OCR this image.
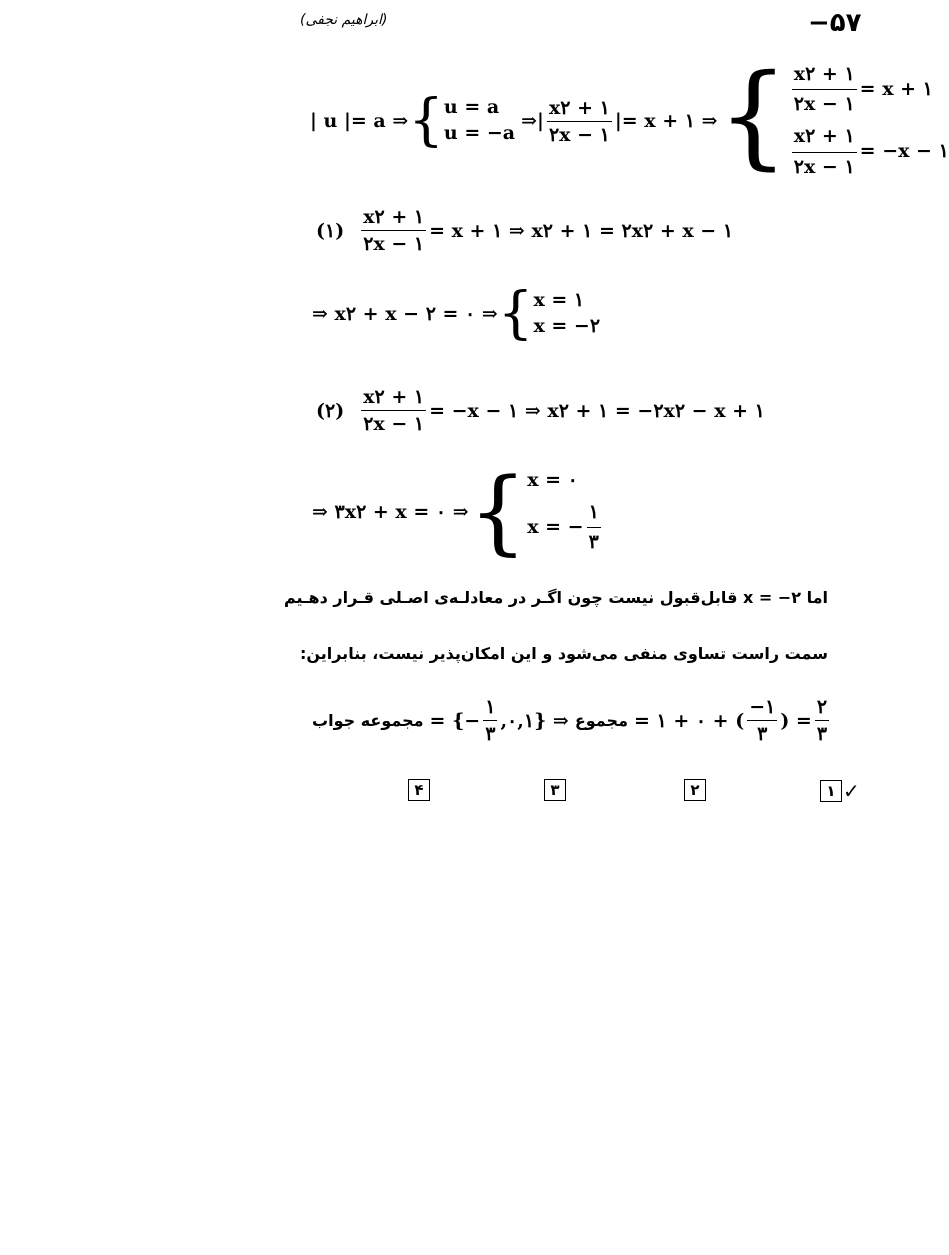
−۵۷
(ابراهیم نجفی)
| u |= a ⇒ { u = a
u = −a
⇒| $\frac{x۲ + ۱}{۲x - ۱}$ |= x + ۱ ⇒ { $\frac{x۲ + ۱}{۲x - ۱} = x$ + ۱
$\frac{x۲ + ۱}{۲x - ۱} = -x$ − ۱
(۱) $\frac{x۲ + ۱}{۲x - ۱} = x$ + ۱ ⇒ x۲ + ۱ = ۲x۲ + x − ۱
⇒ x۲ + x − ۲ = ۰ ⇒ { x = ۱
x = −۲
(۲) $\frac{x۲ + ۱}{۲x - ۱} = -x$ − ۱ ⇒ x۲ + ۱ = −۲x۲ − x + ۱
⇒ ۳x۲ + x = ۰ ⇒ { x = ۰
x = − $\frac{۱}{۳}$
اما x = −۲ قابل‌قبول نیست چون اگـر در معادلـه‌ی اصـلی قـرار دهـیم
سمت راست تساوی منفی می‌شود و این امکان‌پذیر نیست، بنابراین:
مجموعه جواب = {− $\frac{۱}{۳}$ ,۰,۱} ⇒ مجموع = ۱ + ۰ + ( $\frac{-۱}{۳}$ ) = $\frac{۲}{۳}$
۴	۳	۲	۱ ✓
